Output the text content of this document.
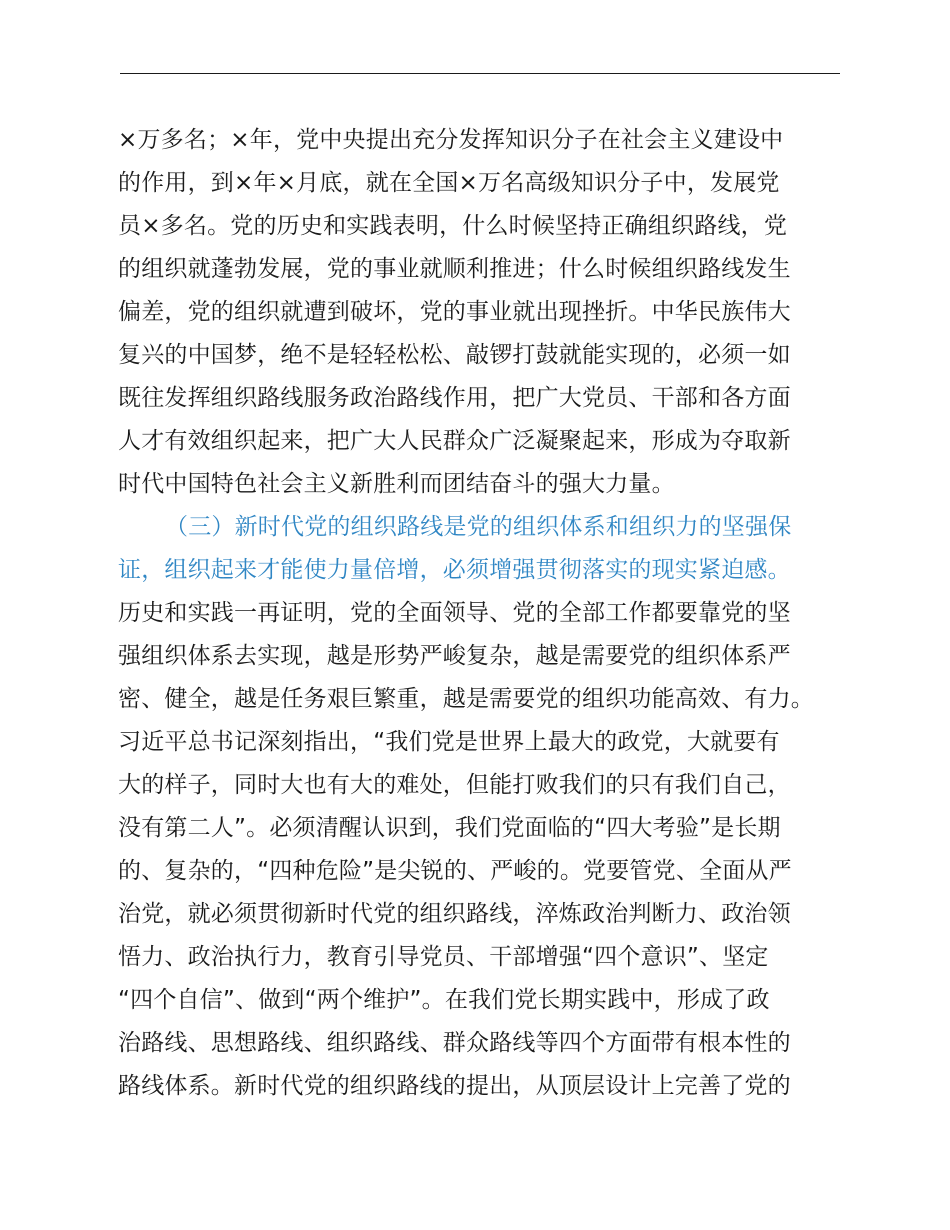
×万多名；×年，党中央提出充分发挥知识分子在社会主义建设中
的作用，到×年×月底，就在全国×万名高级知识分子中，发展党
员×多名。党的历史和实践表明，什么时候坚持正确组织路线，党
的组织就蓬勃发展，党的事业就顺利推进；什么时候组织路线发生
偏差，党的组织就遭到破坏，党的事业就出现挫折。中华民族伟大
复兴的中国梦，绝不是轻轻松松、敲锣打鼓就能实现的，必须一如
既往发挥组织路线服务政治路线作用，把广大党员、干部和各方面
人才有效组织起来，把广大人民群众广泛凝聚起来，形成为夺取新
时代中国特色社会主义新胜利而团结奋斗的强大力量。
（三）新时代党的组织路线是党的组织体系和组织力的坚强保
证，组织起来才能使力量倍增，必须增强贯彻落实的现实紧迫感。
历史和实践一再证明，党的全面领导、党的全部工作都要靠党的坚
强组织体系去实现，越是形势严峻复杂，越是需要党的组织体系严
密、健全，越是任务艰巨繁重，越是需要党的组织功能高效、有力。
习近平总书记深刻指出，“我们党是世界上最大的政党，大就要有
大的样子，同时大也有大的难处，但能打败我们的只有我们自己，
没有第二人”。必须清醒认识到，我们党面临的“四大考验”是长期
的、复杂的，“四种危险”是尖锐的、严峻的。党要管党、全面从严
治党，就必须贯彻新时代党的组织路线，淬炼政治判断力、政治领
悟力、政治执行力，教育引导党员、干部增强“四个意识”、坚定
“四个自信”、做到“两个维护”。在我们党长期实践中，形成了政
治路线、思想路线、组织路线、群众路线等四个方面带有根本性的
路线体系。新时代党的组织路线的提出，从顶层设计上完善了党的
